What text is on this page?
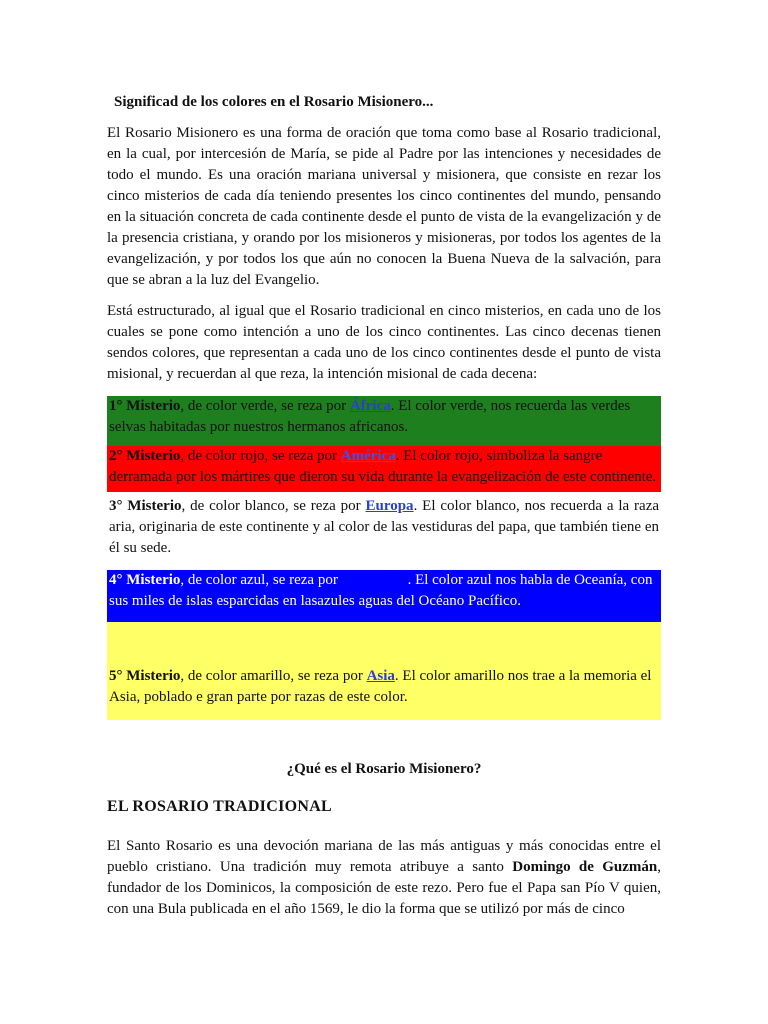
Significad de los colores en el Rosario Misionero...
El Rosario Misionero es una forma de oración que toma como base al Rosario tradicional, en la cual, por intercesión de María, se pide al Padre por las intenciones y necesidades de todo el mundo. Es una oración mariana universal y misionera, que consiste en rezar los cinco misterios de cada día teniendo presentes los cinco continentes del mundo, pensando en la situación concreta de cada continente desde el punto de vista de la evangelización y de la presencia cristiana, y orando por los misioneros y misioneras, por todos los agentes de la evangelización, y por todos los que aún no conocen la Buena Nueva de la salvación, para que se abran a la luz del Evangelio.
Está estructurado, al igual que el Rosario tradicional en cinco misterios, en cada uno de los cuales se pone como intención a uno de los cinco continentes. Las cinco decenas tienen sendos colores, que representan a cada uno de los cinco continentes desde el punto de vista misional, y recuerdan al que reza, la intención misional de cada decena:
1° Misterio, de color verde, se reza por África. El color verde, nos recuerda las verdes selvas habitadas por nuestros hermanos africanos.
2° Misterio, de color rojo, se reza por América. El color rojo, simboliza la sangre derramada por los mártires que dieron su vida durante la evangelización de este continente.
3° Misterio, de color blanco, se reza por Europa. El color blanco, nos recuerda a la raza aria, originaria de este continente y al color de las vestiduras del papa, que también tiene en él su sede.
4° Misterio, de color azul, se reza por	. El color azul nos habla de Oceanía, con sus miles de islas esparcidas en lasazules aguas del Océano Pacífico.
5° Misterio, de color amarillo, se reza por Asia. El color amarillo nos trae a la memoria el Asia, poblado e gran parte por razas de este color.
¿Qué es el Rosario Misionero?
EL ROSARIO TRADICIONAL
El Santo Rosario es una devoción mariana de las más antiguas y más conocidas entre el pueblo cristiano. Una tradición muy remota atribuye a santo Domingo de Guzmán, fundador de los Dominicos, la composición de este rezo. Pero fue el Papa san Pío V quien, con una Bula publicada en el año 1569, le dio la forma que se utilizó por más de cinco
